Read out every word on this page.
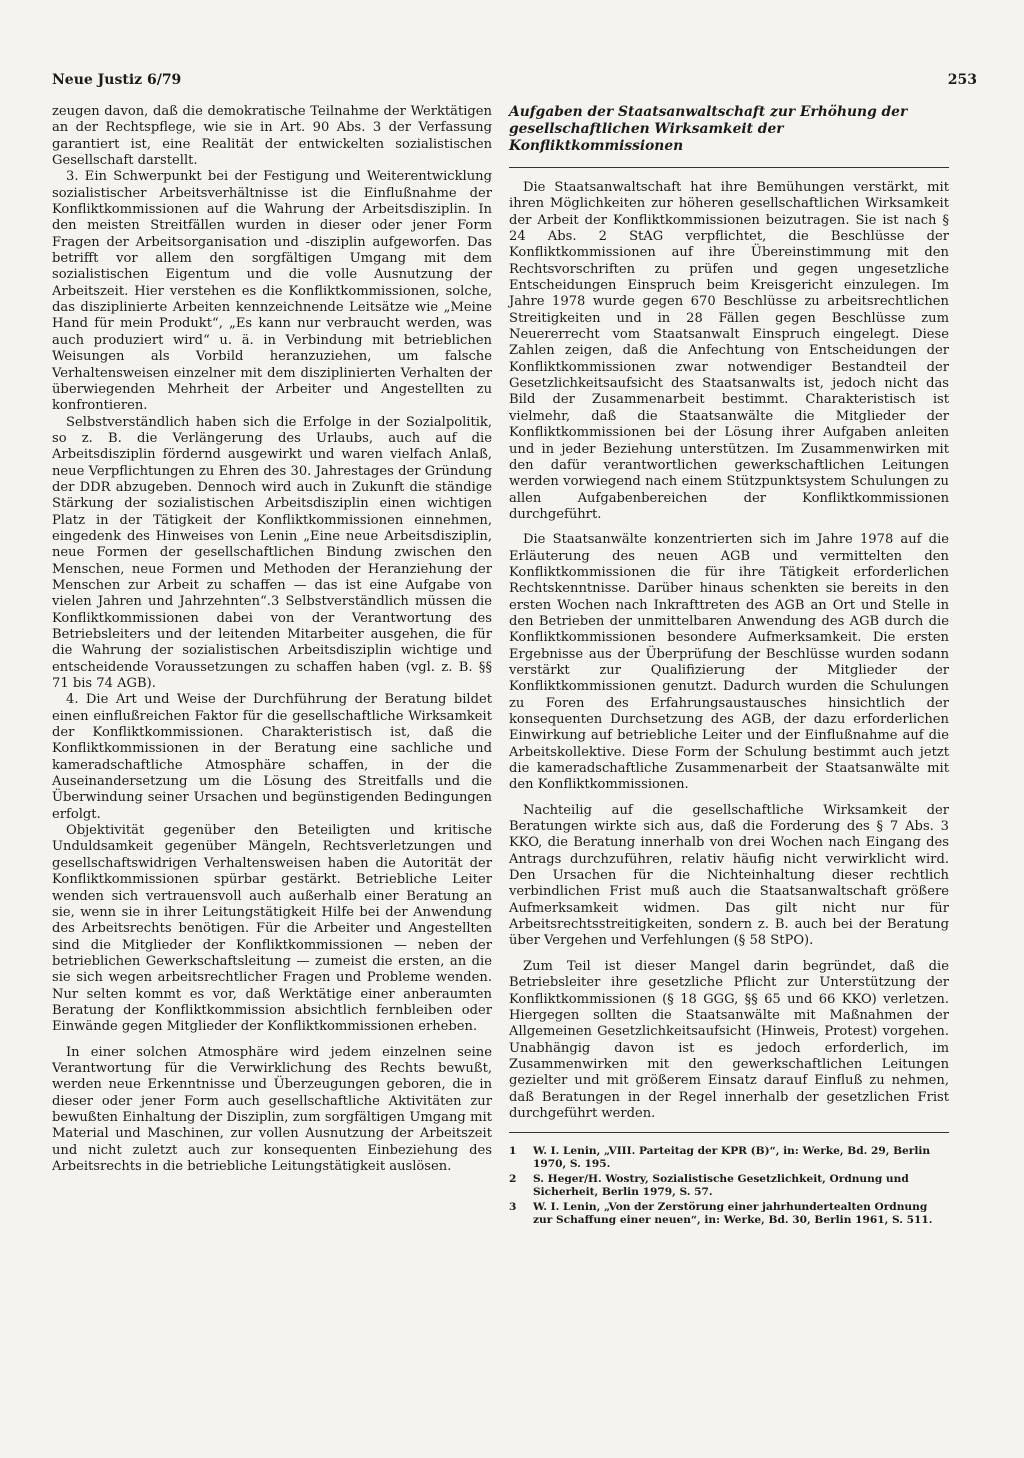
Neue Justiz 6/79	253

zeugen davon, daß die demokratische Teilnahme der Werktätigen an der Rechtspflege, wie sie in Art. 90 Abs. 3 der Verfassung garantiert ist, eine Realität der entwickelten sozialistischen Gesellschaft darstellt.

3. Ein Schwerpunkt bei der Festigung und Weiterentwicklung sozialistischer Arbeitsverhältnisse ist die Einflußnahme der Konfliktkommissionen auf die Wahrung der Arbeitsdisziplin. In den meisten Streitfällen wurden in dieser oder jener Form Fragen der Arbeitsorganisation und -disziplin aufgeworfen. Das betrifft vor allem den sorgfältigen Umgang mit dem sozialistischen Eigentum und die volle Ausnutzung der Arbeitszeit. Hier verstehen es die Konfliktkommissionen, solche, das disziplinierte Arbeiten kennzeichnende Leitsätze wie „Meine Hand für mein Produkt“, „Es kann nur verbraucht werden, was auch produziert wird“ u. ä. in Verbindung mit betrieblichen Weisungen als Vorbild heranzuziehen, um falsche Verhaltensweisen einzelner mit dem disziplinierten Verhalten der überwiegenden Mehrheit der Arbeiter und Angestellten zu konfrontieren.

Selbstverständlich haben sich die Erfolge in der Sozialpolitik, so z. B. die Verlängerung des Urlaubs, auch auf die Arbeitsdisziplin fördernd ausgewirkt und waren vielfach Anlaß, neue Verpflichtungen zu Ehren des 30. Jahrestages der Gründung der DDR abzugeben. Dennoch wird auch in Zukunft die ständige Stärkung der sozialistischen Arbeitsdisziplin einen wichtigen Platz in der Tätigkeit der Konfliktkommissionen einnehmen, eingedenk des Hinweises von Lenin „Eine neue Arbeitsdisziplin, neue Formen der gesellschaftlichen Bindung zwischen den Menschen, neue Formen und Methoden der Heranziehung der Menschen zur Arbeit zu schaffen — das ist eine Aufgabe von vielen Jahren und Jahrzehnten“.3 Selbstverständlich müssen die Konfliktkommissionen dabei von der Verantwortung des Betriebsleiters und der leitenden Mitarbeiter ausgehen, die für die Wahrung der sozialistischen Arbeitsdisziplin wichtige und entscheidende Voraussetzungen zu schaffen haben (vgl. z. B. §§ 71 bis 74 AGB).

4. Die Art und Weise der Durchführung der Beratung bildet einen einflußreichen Faktor für die gesellschaftliche Wirksamkeit der Konfliktkommissionen. Charakteristisch ist, daß die Konfliktkommissionen in der Beratung eine sachliche und kameradschaftliche Atmosphäre schaffen, in der die Auseinandersetzung um die Lösung des Streitfalls und die Überwindung seiner Ursachen und begünstigenden Bedingungen erfolgt.

Objektivität gegenüber den Beteiligten und kritische Unduldsamkeit gegenüber Mängeln, Rechtsverletzungen und gesellschaftswidrigen Verhaltensweisen haben die Autorität der Konfliktkommissionen spürbar gestärkt. Betriebliche Leiter wenden sich vertrauensvoll auch außerhalb einer Beratung an sie, wenn sie in ihrer Leitungstätigkeit Hilfe bei der Anwendung des Arbeitsrechts benötigen. Für die Arbeiter und Angestellten sind die Mitglieder der Konfliktkommissionen — neben der betrieblichen Gewerkschaftsleitung — zumeist die ersten, an die sie sich wegen arbeitsrechtlicher Fragen und Probleme wenden. Nur selten kommt es vor, daß Werktätige einer anberaumten Beratung der Konfliktkommission absichtlich fernbleiben oder Einwände gegen Mitglieder der Konfliktkommissionen erheben.

In einer solchen Atmosphäre wird jedem einzelnen seine Verantwortung für die Verwirklichung des Rechts bewußt, werden neue Erkenntnisse und Überzeugungen geboren, die in dieser oder jener Form auch gesellschaftliche Aktivitäten zur bewußten Einhaltung der Disziplin, zum sorgfältigen Umgang mit Material und Maschinen, zur vollen Ausnutzung der Arbeitszeit und nicht zuletzt auch zur konsequenten Einbeziehung des Arbeitsrechts in die betriebliche Leitungstätigkeit auslösen.

Aufgaben der Staatsanwaltschaft zur Erhöhung der gesellschaftlichen Wirksamkeit der Konfliktkommissionen

Die Staatsanwaltschaft hat ihre Bemühungen verstärkt, mit ihren Möglichkeiten zur höheren gesellschaftlichen Wirksamkeit der Arbeit der Konfliktkommissionen beizutragen. Sie ist nach § 24 Abs. 2 StAG verpflichtet, die Beschlüsse der Konfliktkommissionen auf ihre Übereinstimmung mit den Rechtsvorschriften zu prüfen und gegen ungesetzliche Entscheidungen Einspruch beim Kreisgericht einzulegen. Im Jahre 1978 wurde gegen 670 Beschlüsse zu arbeitsrechtlichen Streitigkeiten und in 28 Fällen gegen Beschlüsse zum Neuererrecht vom Staatsanwalt Einspruch eingelegt. Diese Zahlen zeigen, daß die Anfechtung von Entscheidungen der Konfliktkommissionen zwar notwendiger Bestandteil der Gesetzlichkeitsaufsicht des Staatsanwalts ist, jedoch nicht das Bild der Zusammenarbeit bestimmt. Charakteristisch ist vielmehr, daß die Staatsanwälte die Mitglieder der Konfliktkommissionen bei der Lösung ihrer Aufgaben anleiten und in jeder Beziehung unterstützen. Im Zusammenwirken mit den dafür verantwortlichen gewerkschaftlichen Leitungen werden vorwiegend nach einem Stützpunktsystem Schulungen zu allen Aufgabenbereichen der Konfliktkommissionen durchgeführt.

Die Staatsanwälte konzentrierten sich im Jahre 1978 auf die Erläuterung des neuen AGB und vermittelten den Konfliktkommissionen die für ihre Tätigkeit erforderlichen Rechtskenntnisse. Darüber hinaus schenkten sie bereits in den ersten Wochen nach Inkrafttreten des AGB an Ort und Stelle in den Betrieben der unmittelbaren Anwendung des AGB durch die Konfliktkommissionen besondere Aufmerksamkeit. Die ersten Ergebnisse aus der Überprüfung der Beschlüsse wurden sodann verstärkt zur Qualifizierung der Mitglieder der Konfliktkommissionen genutzt. Dadurch wurden die Schulungen zu Foren des Erfahrungsaustausches hinsichtlich der konsequenten Durchsetzung des AGB, der dazu erforderlichen Einwirkung auf betriebliche Leiter und der Einflußnahme auf die Arbeitskollektive. Diese Form der Schulung bestimmt auch jetzt die kameradschaftliche Zusammenarbeit der Staatsanwälte mit den Konfliktkommissionen.

Nachteilig auf die gesellschaftliche Wirksamkeit der Beratungen wirkte sich aus, daß die Forderung des § 7 Abs. 3 KKO, die Beratung innerhalb von drei Wochen nach Eingang des Antrags durchzuführen, relativ häufig nicht verwirklicht wird. Den Ursachen für die Nichteinhaltung dieser rechtlich verbindlichen Frist muß auch die Staatsanwaltschaft größere Aufmerksamkeit widmen. Das gilt nicht nur für Arbeitsrechtsstreitigkeiten, sondern z. B. auch bei der Beratung über Vergehen und Verfehlungen (§ 58 StPO).

Zum Teil ist dieser Mangel darin begründet, daß die Betriebsleiter ihre gesetzliche Pflicht zur Unterstützung der Konfliktkommissionen (§ 18 GGG, §§ 65 und 66 KKO) verletzen. Hiergegen sollten die Staatsanwälte mit Maßnahmen der Allgemeinen Gesetzlichkeitsaufsicht (Hinweis, Protest) vorgehen. Unabhängig davon ist es jedoch erforderlich, im Zusammenwirken mit den gewerkschaftlichen Leitungen gezielter und mit größerem Einsatz darauf Einfluß zu nehmen, daß Beratungen in der Regel innerhalb der gesetzlichen Frist durchgeführt werden.

1	W. I. Lenin, „VIII. Parteitag der KPR (B)“, in: Werke, Bd. 29, Berlin 1970, S. 195.
2	S. Heger/H. Wostry, Sozialistische Gesetzlichkeit, Ordnung und Sicherheit, Berlin 1979, S. 57.
3	W. I. Lenin, „Von der Zerstörung einer jahrhundertealten Ordnung zur Schaffung einer neuen“, in: Werke, Bd. 30, Berlin 1961, S. 511.
